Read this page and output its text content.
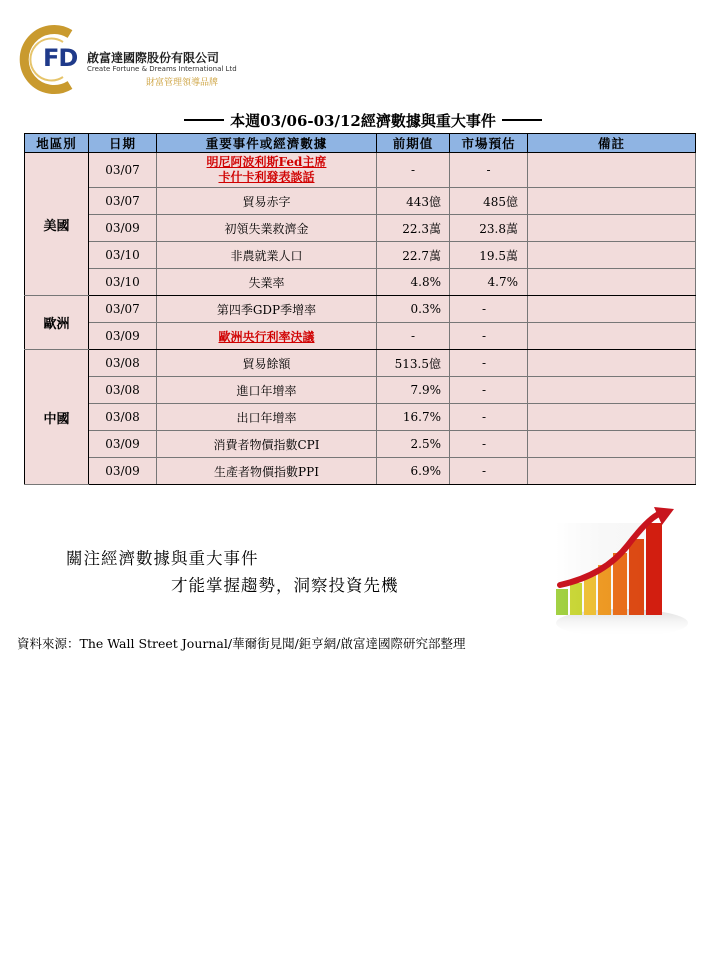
FD 啟富達國際股份有限公司
Create Fortune & Dreams International Ltd
財富管理領導品牌
本週03/06-03/12經濟數據與重大事件
地區別	日期	重要事件或經濟數據	前期值	市場預估	備註
美國	03/07	明尼阿波利斯Fed主席
卡什卡利發表談話	-	-	
	03/07	貿易赤字	443億	485億	
	03/09	初領失業救濟金	22.3萬	23.8萬	
	03/10	非農就業人口	22.7萬	19.5萬	
	03/10	失業率	4.8%	4.7%	
歐洲	03/07	第四季GDP季增率	0.3%	-	
	03/09	歐洲央行利率決議	-	-	
中國	03/08	貿易餘額	513.5億	-	
	03/08	進口年增率	7.9%	-	
	03/08	出口年增率	16.7%	-	
	03/09	消費者物價指數CPI	2.5%	-	
	03/09	生產者物價指數PPI	6.9%	-	
關注經濟數據與重大事件
才能掌握趨勢，洞察投資先機
資料來源：The Wall Street Journal/華爾街見聞/鉅亨網/啟富達國際研究部整理
